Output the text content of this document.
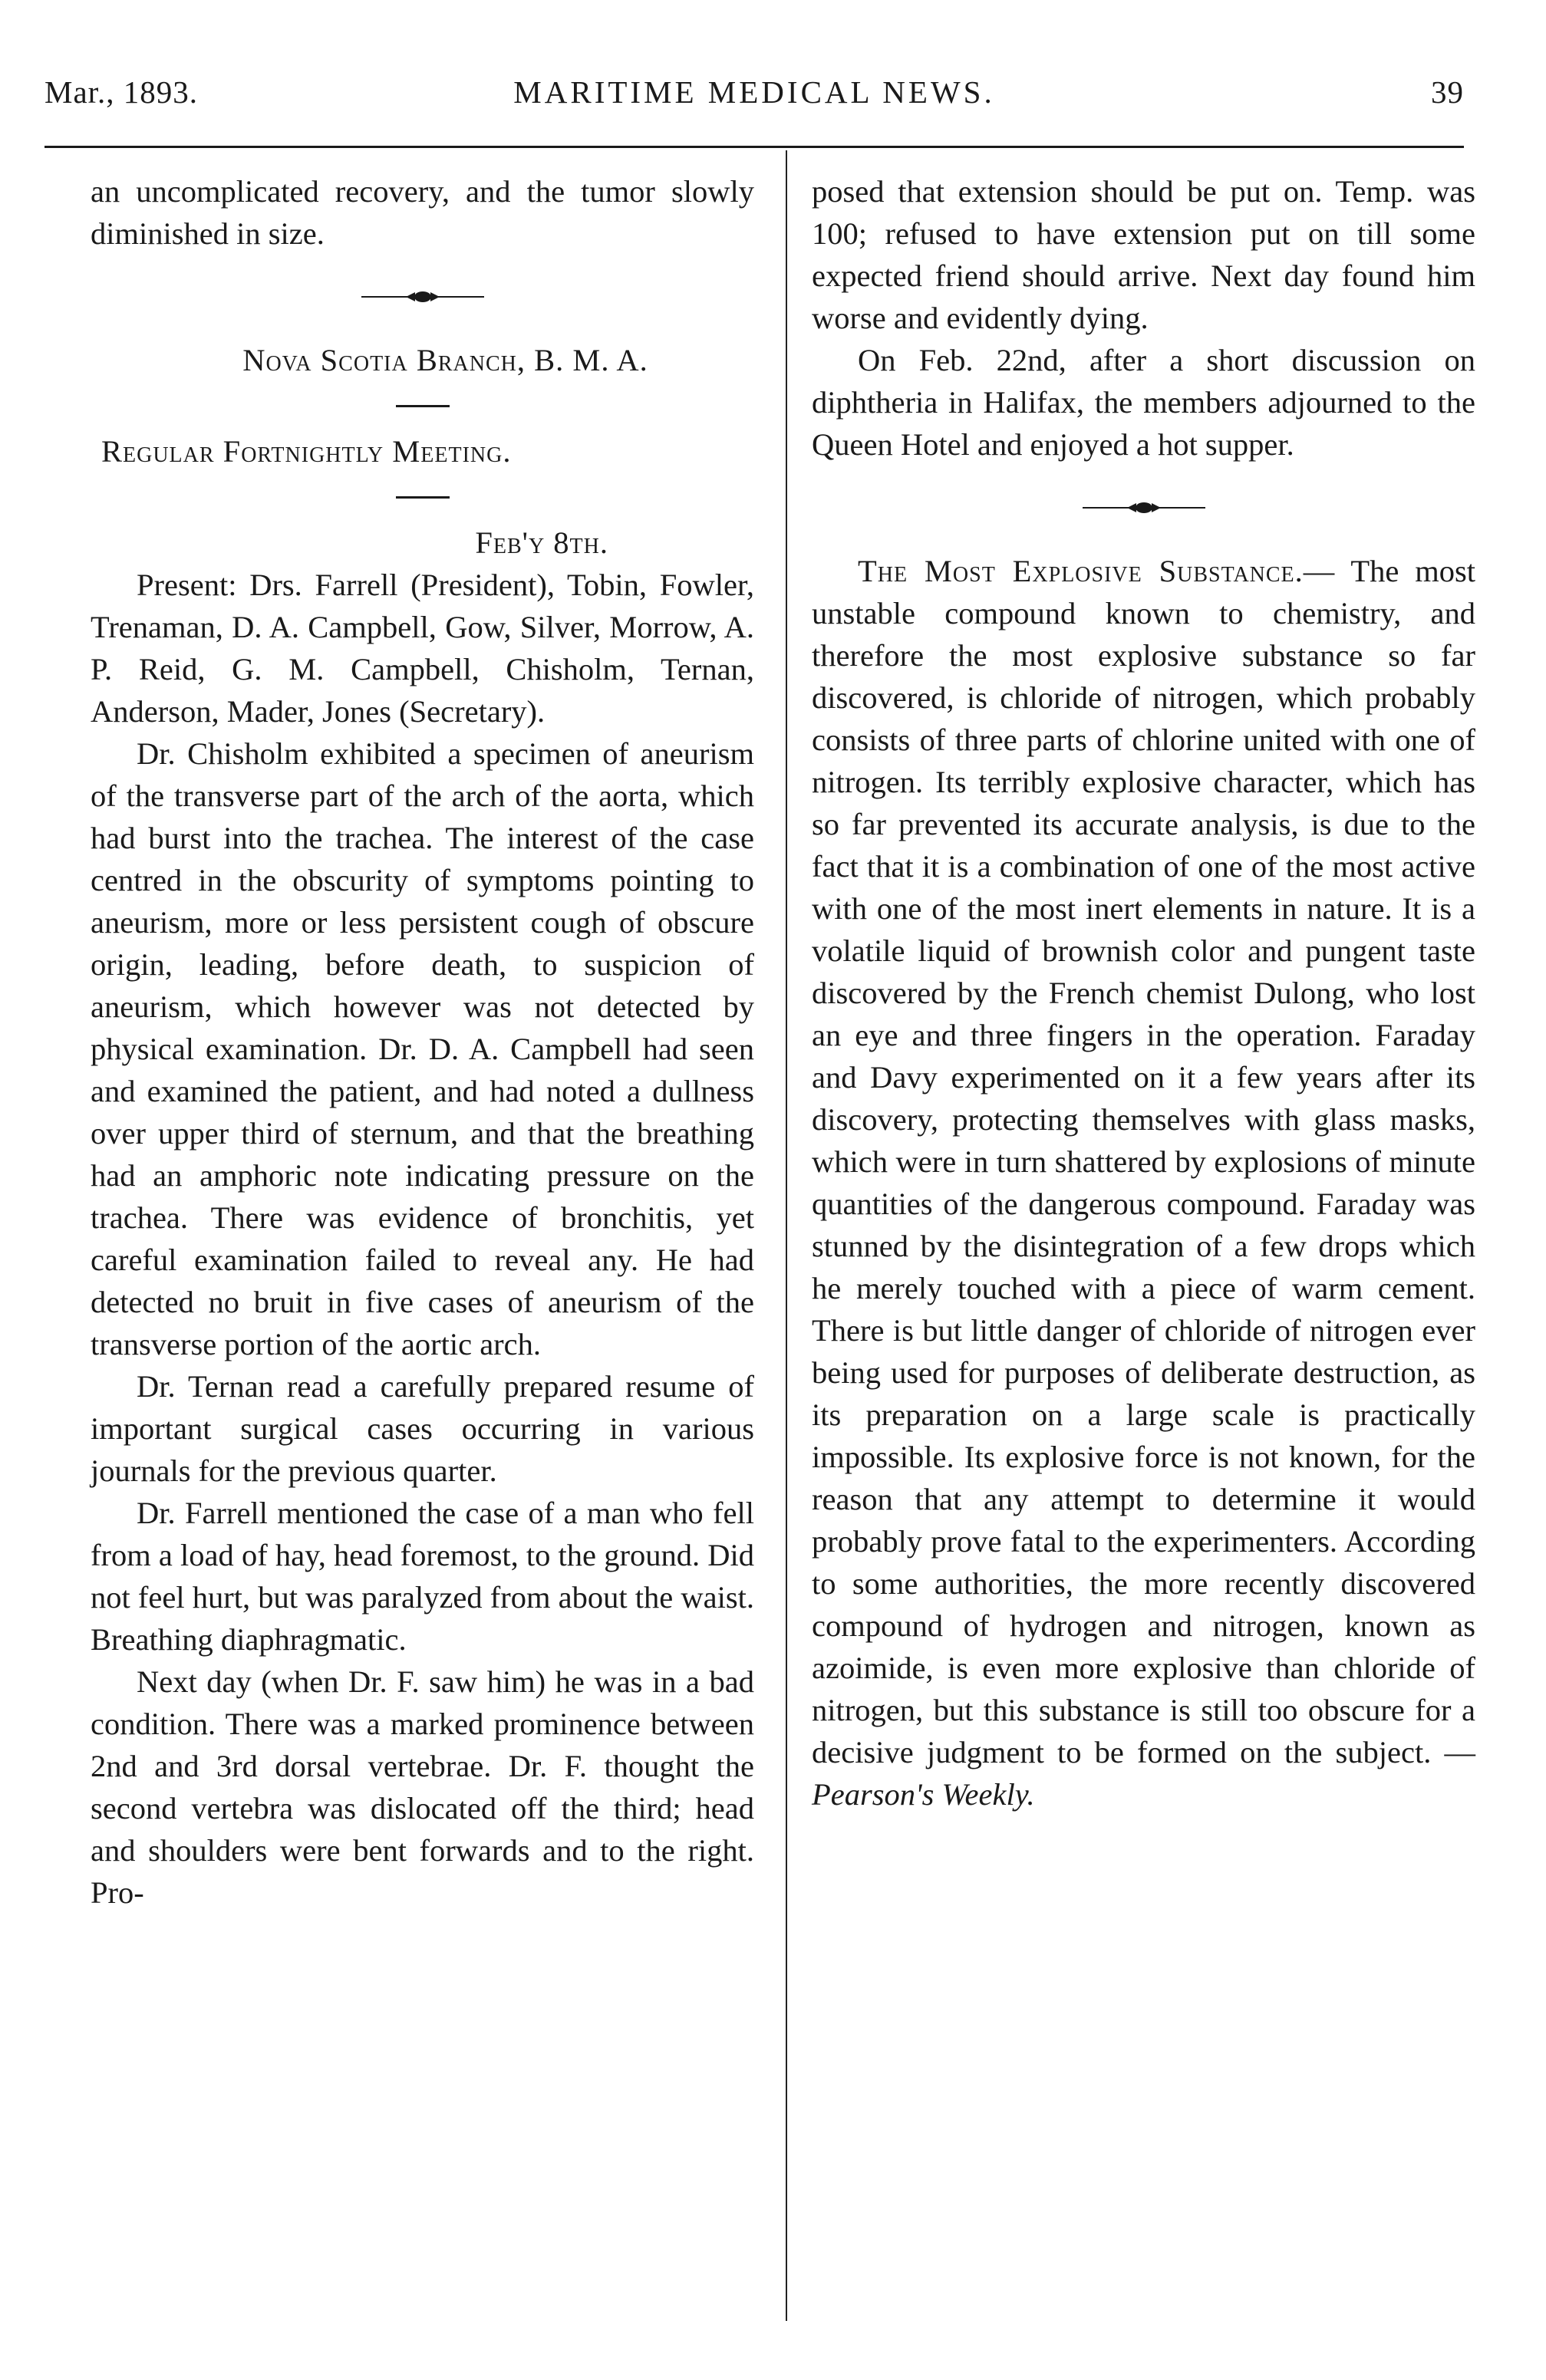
Mar., 1893.	MARITIME MEDICAL NEWS.	39

an uncomplicated recovery, and the tumor slowly diminished in size.

Nova Scotia Branch, B. M. A.

Regular Fortnightly Meeting.

Feb'y 8th.

Present: Drs. Farrell (President), Tobin, Fowler, Trenaman, D. A. Campbell, Gow, Silver, Morrow, A. P. Reid, G. M. Campbell, Chisholm, Ternan, Anderson, Mader, Jones (Secretary).

Dr. Chisholm exhibited a specimen of aneurism of the transverse part of the arch of the aorta, which had burst into the trachea. The interest of the case centred in the obscurity of symptoms pointing to aneurism, more or less persistent cough of obscure origin, leading, before death, to suspicion of aneurism, which however was not detected by physical examination. Dr. D. A. Campbell had seen and examined the patient, and had noted a dullness over upper third of sternum, and that the breathing had an amphoric note indicating pressure on the trachea. There was evidence of bronchitis, yet careful examination failed to reveal any. He had detected no bruit in five cases of aneurism of the transverse portion of the aortic arch.

Dr. Ternan read a carefully prepared resume of important surgical cases occurring in various journals for the previous quarter.

Dr. Farrell mentioned the case of a man who fell from a load of hay, head foremost, to the ground. Did not feel hurt, but was paralyzed from about the waist. Breathing diaphragmatic.

Next day (when Dr. F. saw him) he was in a bad condition. There was a marked prominence between 2nd and 3rd dorsal vertebrae. Dr. F. thought the second vertebra was dislocated off the third; head and shoulders were bent forwards and to the right. Pro-

posed that extension should be put on. Temp. was 100; refused to have extension put on till some expected friend should arrive. Next day found him worse and evidently dying.

On Feb. 22nd, after a short discussion on diphtheria in Halifax, the members adjourned to the Queen Hotel and enjoyed a hot supper.

The Most Explosive Substance.— The most unstable compound known to chemistry, and therefore the most explosive substance so far discovered, is chloride of nitrogen, which probably consists of three parts of chlorine united with one of nitrogen. Its terribly explosive character, which has so far prevented its accurate analysis, is due to the fact that it is a combination of one of the most active with one of the most inert elements in nature. It is a volatile liquid of brownish color and pungent taste discovered by the French chemist Dulong, who lost an eye and three fingers in the operation. Faraday and Davy experimented on it a few years after its discovery, protecting themselves with glass masks, which were in turn shattered by explosions of minute quantities of the dangerous compound. Faraday was stunned by the disintegration of a few drops which he merely touched with a piece of warm cement. There is but little danger of chloride of nitrogen ever being used for purposes of deliberate destruction, as its preparation on a large scale is practically impossible. Its explosive force is not known, for the reason that any attempt to determine it would probably prove fatal to the experimenters. According to some authorities, the more recently discovered compound of hydrogen and nitrogen, known as azoimide, is even more explosive than chloride of nitrogen, but this substance is still too obscure for a decisive judgment to be formed on the subject. —Pearson's Weekly.
